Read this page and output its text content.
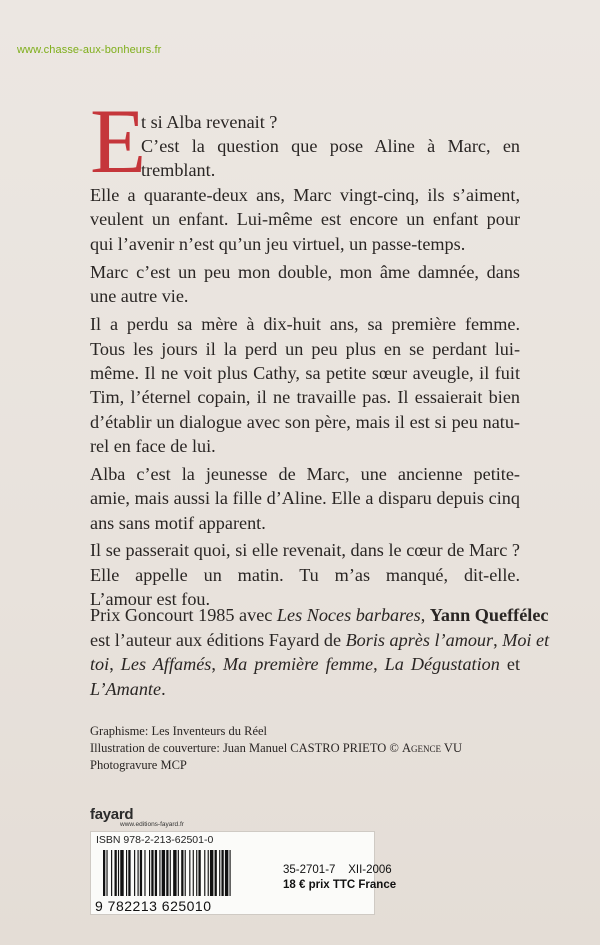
www.chasse-aux-bonheurs.fr
E
t si Alba revenait ?
C’est la question que pose Aline à Marc, en
tremblant.
Elle a quarante-deux ans, Marc vingt-cinq, ils s’aiment,
veulent un enfant. Lui-même est encore un enfant pour
qui l’avenir n’est qu’un jeu virtuel, un passe-temps.
Marc c’est un peu mon double, mon âme damnée, dans
une autre vie.
Il a perdu sa mère à dix-huit ans, sa première femme.
Tous les jours il la perd un peu plus en se perdant lui-
même. Il ne voit plus Cathy, sa petite sœur aveugle, il fuit
Tim, l’éternel copain, il ne travaille pas. Il essaierait bien
d’établir un dialogue avec son père, mais il est si peu natu-
rel en face de lui.
Alba c’est la jeunesse de Marc, une ancienne petite-
amie, mais aussi la fille d’Aline. Elle a disparu depuis cinq
ans sans motif apparent.
Il se passerait quoi, si elle revenait, dans le cœur de Marc ?
Elle appelle un matin. Tu m’as manqué, dit-elle.
L’amour est fou.
Prix Goncourt 1985 avec Les Noces barbares, Yann Queffélec
est l’auteur aux éditions Fayard de Boris après l’amour, Moi et
toi, Les Affamés, Ma première femme, La Dégustation et
L’Amante.
Graphisme: Les Inventeurs du Réel
Illustration de couverture: Juan Manuel CASTRO PRIETO © Agence VU
Photogravure MCP
fayard
www.editions-fayard.fr
ISBN 978-2-213-62501-0
9 782213 625010
35-2701-7 XII-2006
18 € prix TTC France
